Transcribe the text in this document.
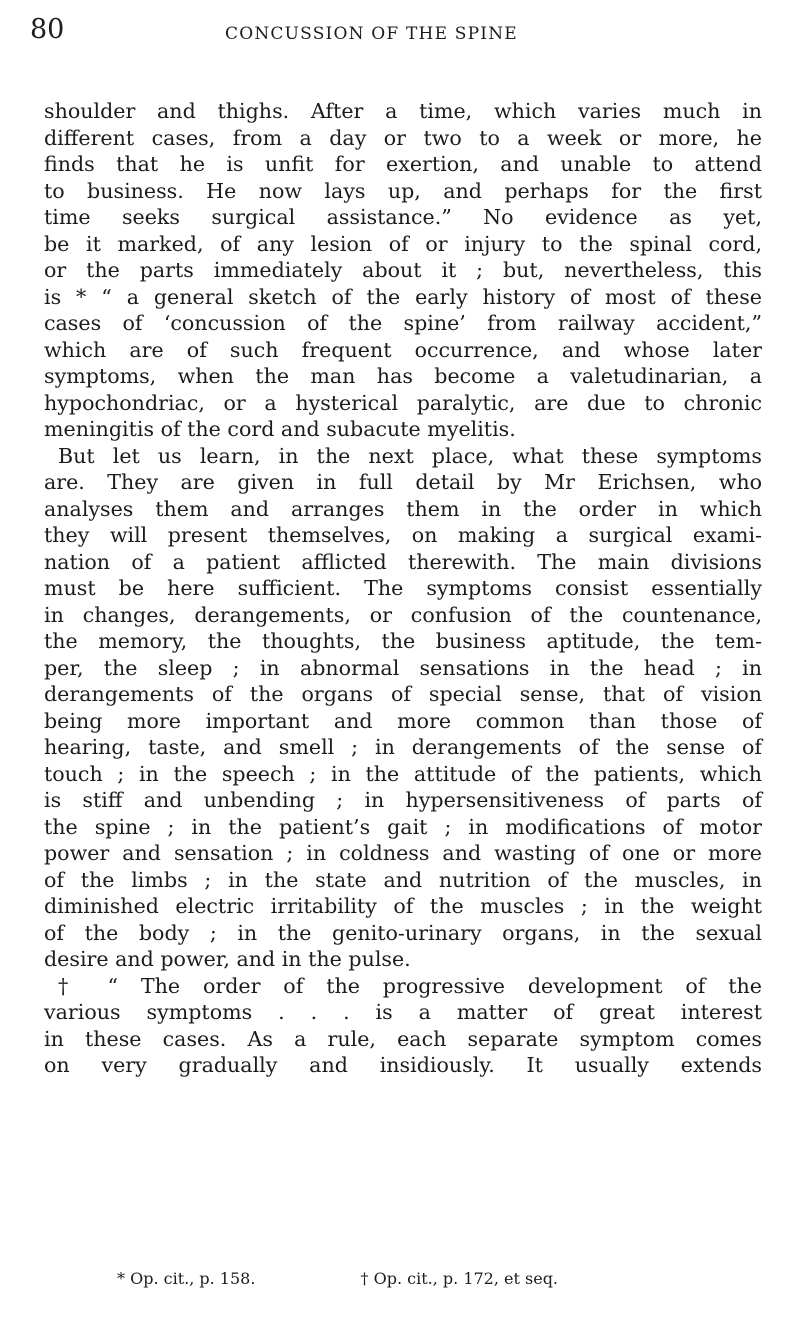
80	CONCUSSION OF THE SPINE
shoulder and thighs. After a time, which varies much in
different cases, from a day or two to a week or more, he
finds that he is unfit for exertion, and unable to attend
to business. He now lays up, and perhaps for the first
time seeks surgical assistance.” No evidence as yet,
be it marked, of any lesion of or injury to the spinal cord,
or the parts immediately about it ; but, nevertheless, this
is * “ a general sketch of the early history of most of these
cases of ‘concussion of the spine’ from railway accident,”
which are of such frequent occurrence, and whose later
symptoms, when the man has become a valetudinarian, a
hypochondriac, or a hysterical paralytic, are due to chronic
meningitis of the cord and subacute myelitis.
But let us learn, in the next place, what these symptoms
are. They are given in full detail by Mr Erichsen, who
analyses them and arranges them in the order in which
they will present themselves, on making a surgical exami-
nation of a patient afflicted therewith. The main divisions
must be here sufficient. The symptoms consist essentially
in changes, derangements, or confusion of the countenance,
the memory, the thoughts, the business aptitude, the tem-
per, the sleep ; in abnormal sensations in the head ; in
derangements of the organs of special sense, that of vision
being more important and more common than those of
hearing, taste, and smell ; in derangements of the sense of
touch ; in the speech ; in the attitude of the patients, which
is stiff and unbending ; in hypersensitiveness of parts of
the spine ; in the patient’s gait ; in modifications of motor
power and sensation ; in coldness and wasting of one or more
of the limbs ; in the state and nutrition of the muscles, in
diminished electric irritability of the muscles ; in the weight
of the body ; in the genito-urinary organs, in the sexual
desire and power, and in the pulse.
† “ The order of the progressive development of the
various symptoms . . . is a matter of great interest
in these cases. As a rule, each separate symptom comes
on very gradually and insidiously. It usually extends
* Op. cit., p. 158.	† Op. cit., p. 172, et seq.
